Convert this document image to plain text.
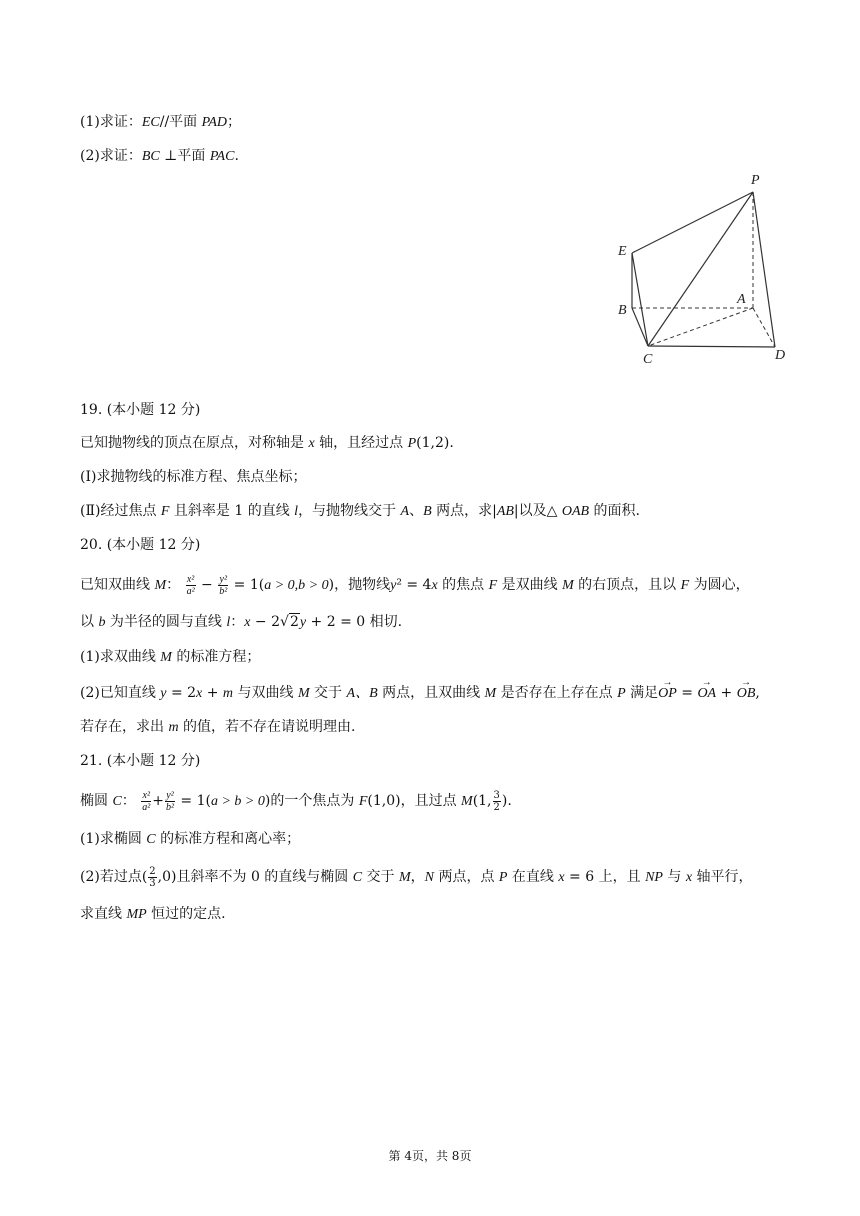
(1)求证：EC//平面 PAD；
(2)求证：BC ⊥平面 PAC.
P
E
A
B
C	D
19. (本小题 12 分)
已知抛物线的顶点在原点，对称轴是 x 轴，且经过点 P(1,2).
(Ⅰ)求抛物线的标准方程、焦点坐标；
(Ⅱ)经过焦点 F 且斜率是 1 的直线 l，与抛物线交于 A、B 两点，求|AB|以及△ OAB 的面积.
20. (本小题 12 分)
已知双曲线 M： $\frac{\text{x²}}{\text{a²}} - \frac{\text{y²}}{\text{b²}} = 1(a > 0,b > 0)$，抛物线y² = 4x 的焦点 F 是双曲线 M 的右顶点，且以 F 为圆心，
以 b 为半径的圆与直线 l：x − 2√2y + 2 = 0 相切.
(1)求双曲线 M 的标准方程；
(2)已知直线 y = 2x + m 与双曲线 M 交于 A、B 两点，且双曲线 M 是否存在上存在点 P 满足→ OP = → OA + → OB,
若存在，求出 m 的值，若不存在请说明理由.
21. (本小题 12 分)
椭圆 C： $\frac{\text{x²}}{\text{a²}} + \frac{\text{y²}}{\text{b²}} = 1(a > b > 0)$的一个焦点为 F(1,0)，且过点 M(1, $\frac{3}{2}$ ).
(1)求椭圆 C 的标准方程和离心率；
(2)若过点( $\frac{2}{3} ,0$)且斜率不为 0 的直线与椭圆 C 交于 M，N 两点，点 P 在直线 x = 6 上，且 NP 与 x 轴平行，
求直线 MP 恒过的定点.
第 4页，共 8页
